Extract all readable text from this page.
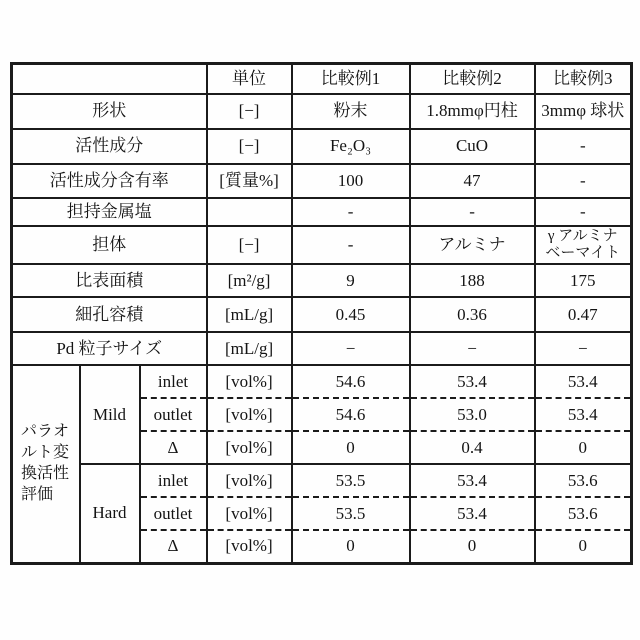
			単位	比較例1	比較例2	比較例3
形状			[−]	粉末	1.8mmφ円柱	3mmφ 球状
活性成分			[−]	Fe₂O₃	CuO	-
活性成分含有率			[質量%]	100	47	-
担持金属塩				-	-	-
担体			[−]	-	アルミナ	γ アルミナ
ベーマイト
比表面積			[m²/g]	9	188	175
細孔容積			[mL/g]	0.45	0.36	0.47
Pd 粒子サイズ			[mL/g]	−	−	−
パラオ
ルト変
換活性
評価	Mild	inlet	[vol%]	54.6	53.4	53.4
		outlet	[vol%]	54.6	53.0	53.4
		Δ	[vol%]	0	0.4	0
	Hard	inlet	[vol%]	53.5	53.4	53.6
		outlet	[vol%]	53.5	53.4	53.6
		Δ	[vol%]	0	0	0
